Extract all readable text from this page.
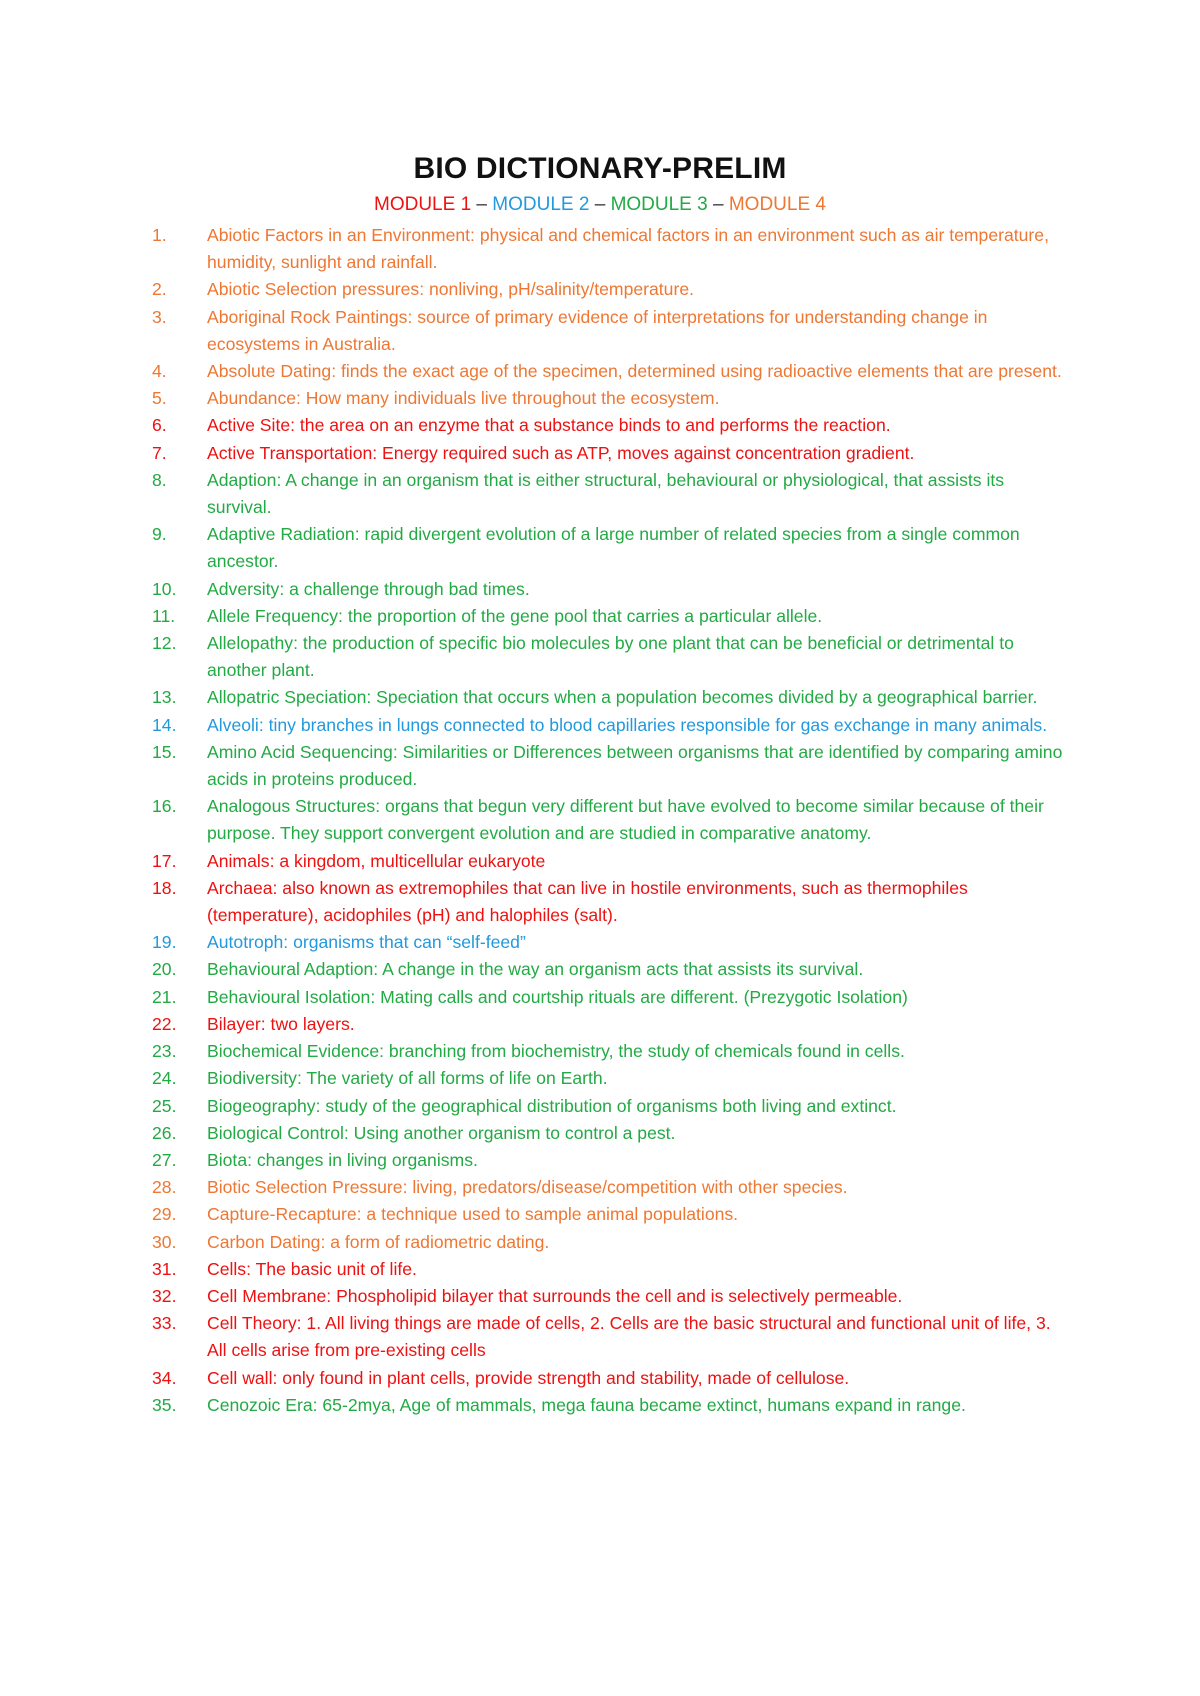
BIO DICTIONARY-PRELIM
MODULE 1 – MODULE 2 – MODULE 3 – MODULE 4
1.	Abiotic Factors in an Environment: physical and chemical factors in an environment such as air temperature, humidity, sunlight and rainfall.
2.	Abiotic Selection pressures: nonliving, pH/salinity/temperature.
3.	Aboriginal Rock Paintings: source of primary evidence of interpretations for understanding change in ecosystems in Australia.
4.	Absolute Dating: finds the exact age of the specimen, determined using radioactive elements that are present.
5.	Abundance: How many individuals live throughout the ecosystem.
6.	Active Site: the area on an enzyme that a substance binds to and performs the reaction.
7.	Active Transportation: Energy required such as ATP, moves against concentration gradient.
8.	Adaption: A change in an organism that is either structural, behavioural or physiological, that assists its survival.
9.	Adaptive Radiation: rapid divergent evolution of a large number of related species from a single common ancestor.
10.	Adversity: a challenge through bad times.
11.	Allele Frequency: the proportion of the gene pool that carries a particular allele.
12.	Allelopathy: the production of specific bio molecules by one plant that can be beneficial or detrimental to another plant.
13.	Allopatric Speciation: Speciation that occurs when a population becomes divided by a geographical barrier.
14.	Alveoli: tiny branches in lungs connected to blood capillaries responsible for gas exchange in many animals.
15.	Amino Acid Sequencing: Similarities or Differences between organisms that are identified by comparing amino acids in proteins produced.
16.	Analogous Structures: organs that begun very different but have evolved to become similar because of their purpose. They support convergent evolution and are studied in comparative anatomy.
17.	Animals: a kingdom, multicellular eukaryote
18.	Archaea: also known as extremophiles that can live in hostile environments, such as thermophiles (temperature), acidophiles (pH) and halophiles (salt).
19.	Autotroph: organisms that can “self-feed”
20.	Behavioural Adaption: A change in the way an organism acts that assists its survival.
21.	Behavioural Isolation: Mating calls and courtship rituals are different. (Prezygotic Isolation)
22.	Bilayer: two layers.
23.	Biochemical Evidence: branching from biochemistry, the study of chemicals found in cells.
24.	Biodiversity: The variety of all forms of life on Earth.
25.	Biogeography: study of the geographical distribution of organisms both living and extinct.
26.	Biological Control: Using another organism to control a pest.
27.	Biota: changes in living organisms.
28.	Biotic Selection Pressure: living, predators/disease/competition with other species.
29.	Capture-Recapture: a technique used to sample animal populations.
30.	Carbon Dating: a form of radiometric dating.
31.	Cells: The basic unit of life.
32.	Cell Membrane: Phospholipid bilayer that surrounds the cell and is selectively permeable.
33.	Cell Theory: 1. All living things are made of cells, 2. Cells are the basic structural and functional unit of life, 3. All cells arise from pre-existing cells
34.	Cell wall: only found in plant cells, provide strength and stability, made of cellulose.
35.	Cenozoic Era: 65-2mya, Age of mammals, mega fauna became extinct, humans expand in range.
